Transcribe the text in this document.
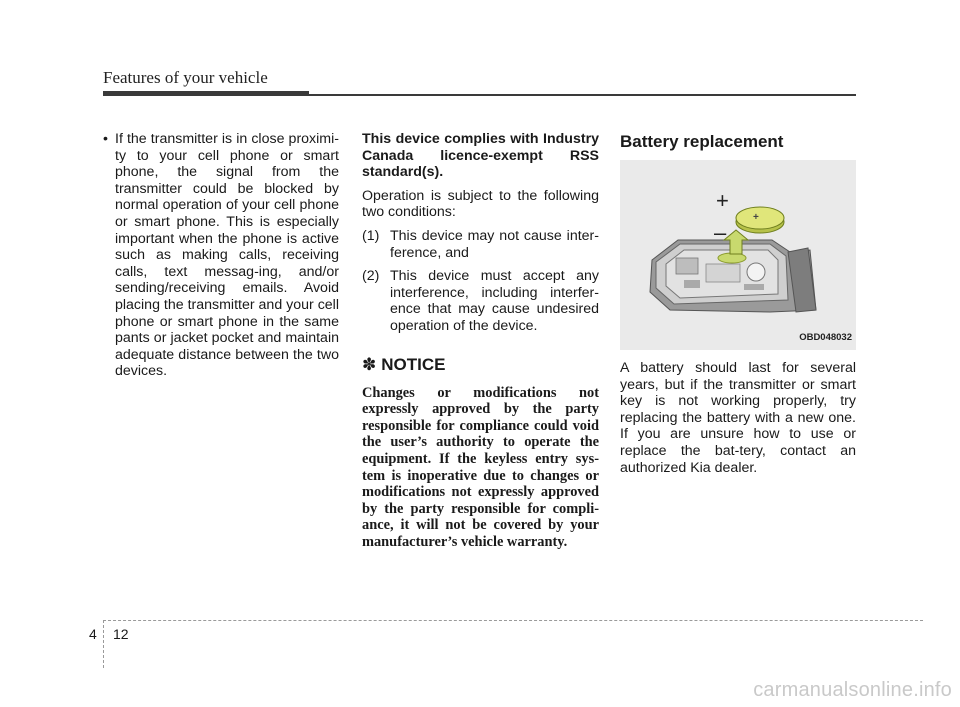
Features of your vehicle
• If the transmitter is in close proximi-ty to your cell phone or smart phone, the signal from the transmitter could be blocked by normal operation of your cell phone or smart phone. This is especially important when the phone is active such as making calls, receiving calls, text messag-ing, and/or sending/receiving emails. Avoid placing the transmitter and your cell phone or smart phone in the same pants or jacket pocket and maintain adequate distance between the two devices.
This device complies with Industry Canada licence-exempt RSS standard(s).
Operation is subject to the following two conditions:
(1) This device may not cause inter-ference, and
(2) This device must accept any interference, including interfer-ence that may cause undesired operation of the device.
✽ NOTICE
Changes or modifications not expressly approved by the party responsible for compliance could void the user’s authority to operate the equipment. If the keyless entry sys-tem is inoperative due to changes or modifications not expressly approved by the party responsible for compli-ance, it will not be covered by your manufacturer’s vehicle warranty.
Battery replacement
+
+
–
OBD048032
A battery should last for several years, but if the transmitter or smart key is not working properly, try replacing the battery with a new one. If you are unsure how to use or replace the bat-tery, contact an authorized Kia dealer.
4 12
carmanualsonline.info
